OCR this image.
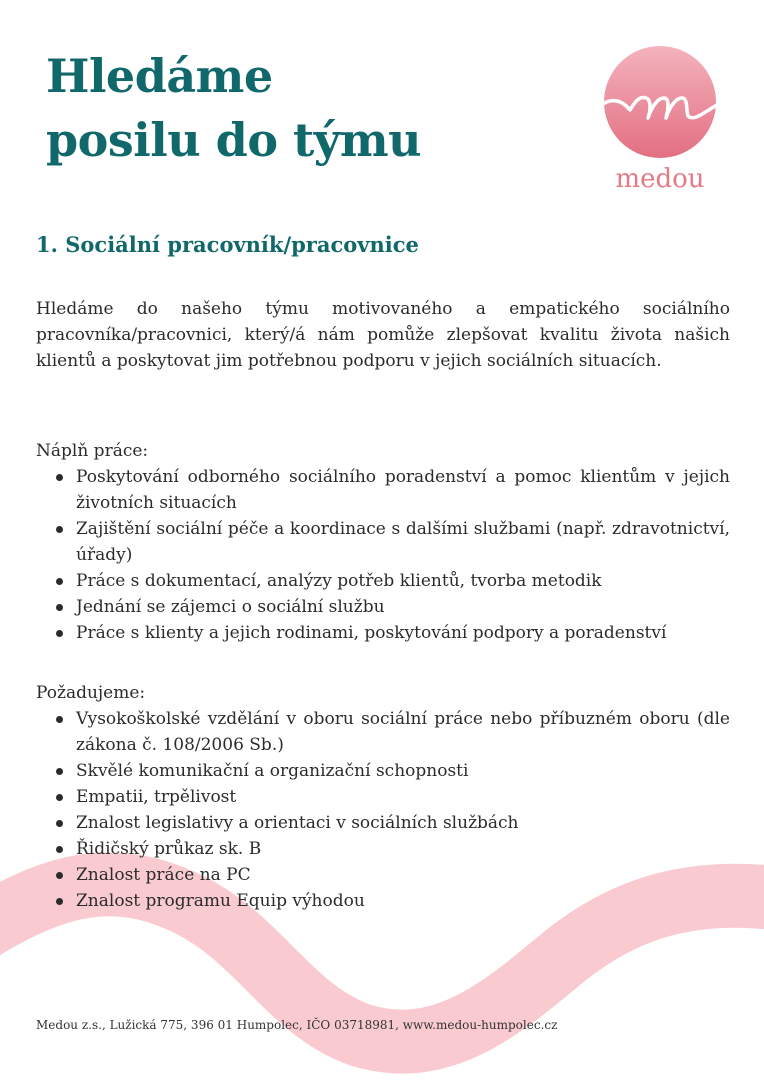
Hledáme
posilu do týmu
medou
1. Sociální pracovník/pracovnice

Hledáme do našeho týmu motivovaného a empatického sociálního pracovníka/pracovnici, který/á nám pomůže zlepšovat kvalitu života našich klientů a poskytovat jim potřebnou podporu v jejich sociálních situacích.

Náplň práce:

Poskytování odborného sociálního poradenství a pomoc klientům v jejich životních situacích
Zajištění sociální péče a koordinace s dalšími službami (např. zdravotnictví, úřady)
Práce s dokumentací, analýzy potřeb klientů, tvorba metodik
Jednání se zájemci o sociální službu
Práce s klienty a jejich rodinami, poskytování podpory a poradenství

Požadujeme:

Vysokoškolské vzdělání v oboru sociální práce nebo příbuzném oboru (dle zákona č. 108/2006 Sb.)
Skvělé komunikační a organizační schopnosti
Empatii, trpělivost
Znalost legislativy a orientaci v sociálních službách
Řidičský průkaz sk. B
Znalost práce na PC
Znalost programu Equip výhodou

Medou z.s., Lužická 775, 396 01 Humpolec, IČO 03718981, www.medou-humpolec.cz
